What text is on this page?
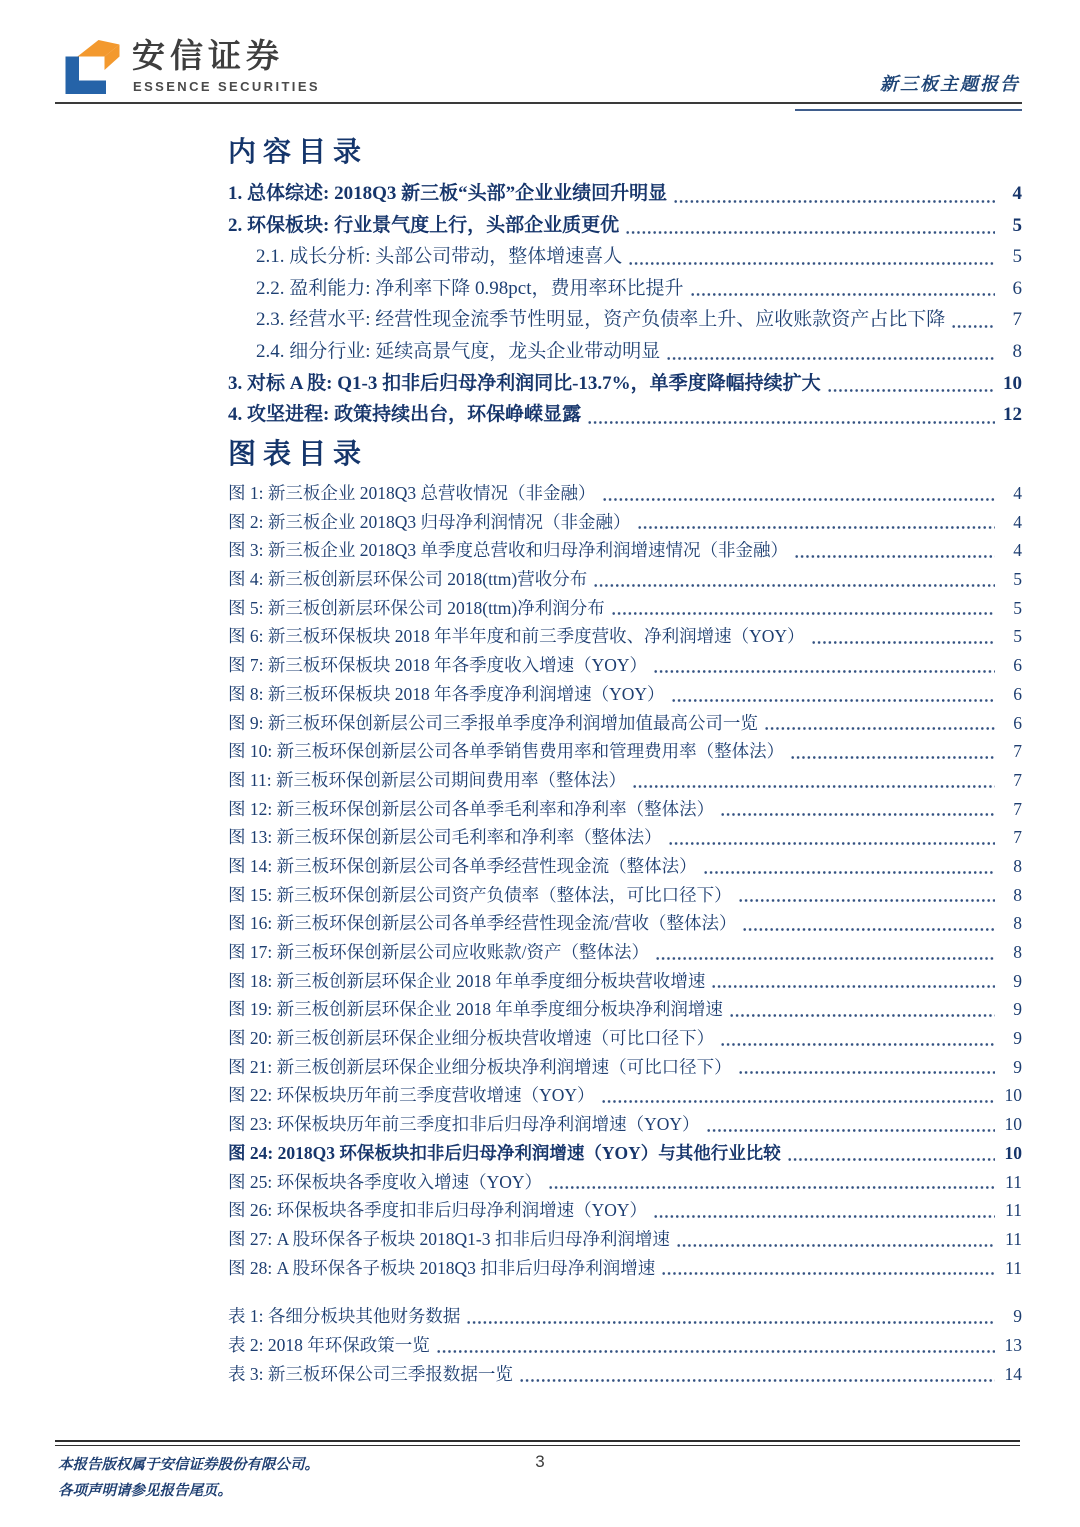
安信证券
ESSENCE SECURITIES	新三板主题报告
内容目录
1. 总体综述: 2018Q3 新三板“头部”企业业绩回升明显	4
2. 环保板块: 行业景气度上行，头部企业质更优	5
2.1. 成长分析: 头部公司带动，整体增速喜人	5
2.2. 盈利能力: 净利率下降 0.98pct，费用率环比提升	6
2.3. 经营水平: 经营性现金流季节性明显，资产负债率上升、应收账款资产占比下降	7
2.4. 细分行业: 延续高景气度，龙头企业带动明显	8
3. 对标 A 股: Q1-3 扣非后归母净利润同比-13.7%，单季度降幅持续扩大	10
4. 攻坚进程: 政策持续出台，环保峥嵘显露	12
图表目录
图 1: 新三板企业 2018Q3 总营收情况（非金融）	4
图 2: 新三板企业 2018Q3 归母净利润情况（非金融）	4
图 3: 新三板企业 2018Q3 单季度总营收和归母净利润增速情况（非金融）	4
图 4: 新三板创新层环保公司 2018(ttm)营收分布	5
图 5: 新三板创新层环保公司 2018(ttm)净利润分布	5
图 6: 新三板环保板块 2018 年半年度和前三季度营收、净利润增速（YOY）	5
图 7: 新三板环保板块 2018 年各季度收入增速（YOY）	6
图 8: 新三板环保板块 2018 年各季度净利润增速（YOY）	6
图 9: 新三板环保创新层公司三季报单季度净利润增加值最高公司一览	6
图 10: 新三板环保创新层公司各单季销售费用率和管理费用率（整体法）	7
图 11: 新三板环保创新层公司期间费用率（整体法）	7
图 12: 新三板环保创新层公司各单季毛利率和净利率（整体法）	7
图 13: 新三板环保创新层公司毛利率和净利率（整体法）	7
图 14: 新三板环保创新层公司各单季经营性现金流（整体法）	8
图 15: 新三板环保创新层公司资产负债率（整体法，可比口径下）	8
图 16: 新三板环保创新层公司各单季经营性现金流/营收（整体法）	8
图 17: 新三板环保创新层公司应收账款/资产（整体法）	8
图 18: 新三板创新层环保企业 2018 年单季度细分板块营收增速	9
图 19: 新三板创新层环保企业 2018 年单季度细分板块净利润增速	9
图 20: 新三板创新层环保企业细分板块营收增速（可比口径下）	9
图 21: 新三板创新层环保企业细分板块净利润增速（可比口径下）	9
图 22: 环保板块历年前三季度营收增速（YOY）	10
图 23: 环保板块历年前三季度扣非后归母净利润增速（YOY）	10
图 24: 2018Q3 环保板块扣非后归母净利润增速（YOY）与其他行业比较	10
图 25: 环保板块各季度收入增速（YOY）	11
图 26: 环保板块各季度扣非后归母净利润增速（YOY）	11
图 27: A 股环保各子板块 2018Q1-3 扣非后归母净利润增速	11
图 28: A 股环保各子板块 2018Q3 扣非后归母净利润增速	11
表 1: 各细分板块其他财务数据	9
表 2: 2018 年环保政策一览	13
表 3: 新三板环保公司三季报数据一览	14
本报告版权属于安信证券股份有限公司。
各项声明请参见报告尾页。
3
